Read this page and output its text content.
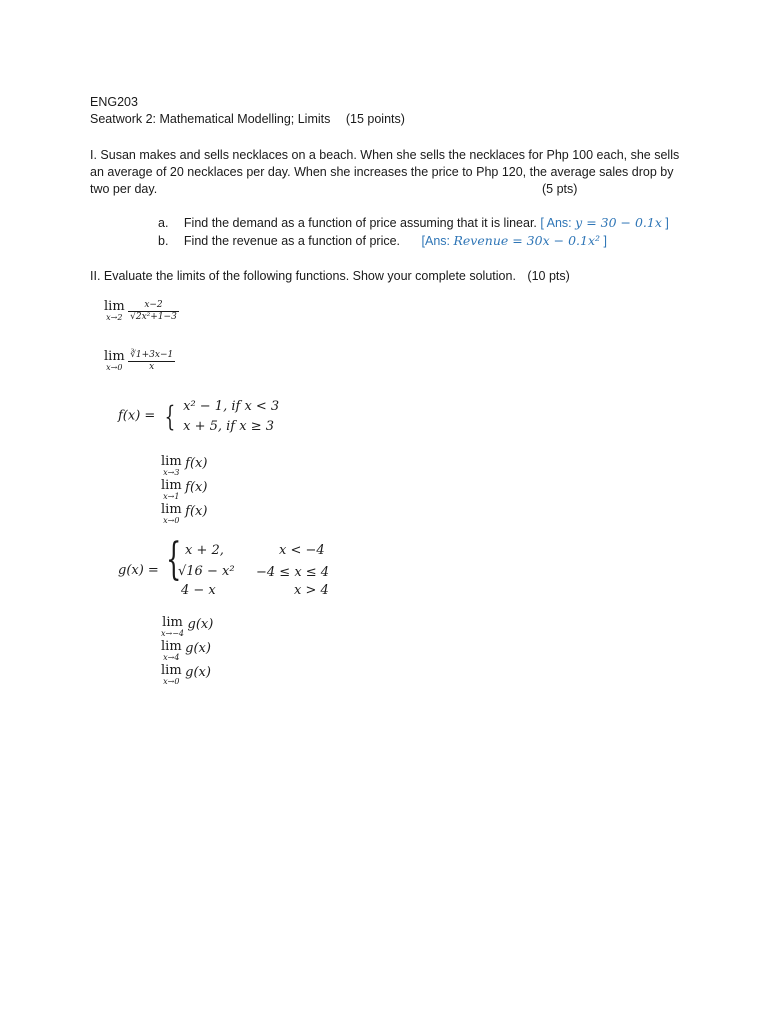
ENG203
Seatwork 2: Mathematical Modelling; Limits (15 points)
I. Susan makes and sells necklaces on a beach. When she sells the necklaces for Php 100 each, she sells an average of 20 necklaces per day. When she increases the price to Php 120, the average sales drop by two per day.	(5 pts)
a. Find the demand as a function of price assuming that it is linear. [ Ans: y = 30 − 0.1x ]
b. Find the revenue as a function of price. [Ans: Revenue = 30x − 0.1x² ]
II. Evaluate the limits of the following functions. Show your complete solution. (10 pts)
lim
x→2
$\frac{x-2}{\text{√2x²+1−3}}$
lim
x→0
$\frac{∛1+3x-1}{x}$
f(x) = { x² − 1, if x < 3
x + 5, if x ≥ 3
lim
x→3
f(x)
lim
x→1
f(x)
lim
x→0
f(x)
g(x) = { x + 2,	x < −4
√16 − x² −4 ≤ x ≤ 4
4 − x	x > 4
lim
x→−4
g(x)
lim
x→4
g(x)
lim
x→0
g(x)
